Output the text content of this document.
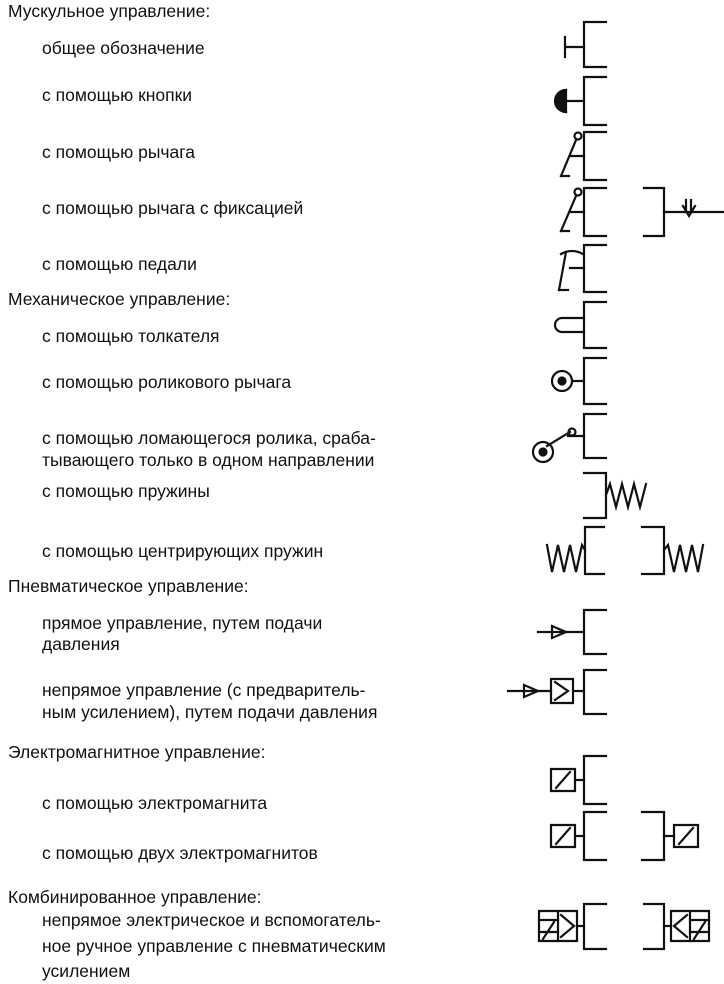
Мускульное управление:
общее обозначение
с помощью кнопки
с помощью рычага
с помощью рычага с фиксацией
с помощью педали
Механическое управление:
с помощью толкателя
с помощью роликового рычага
с помощью ломающегося ролика, сраба-
тывающего только в одном направлении
с помощью пружины
с помощью центрирующих пружин
Пневматическое управление:
прямое управление, путем подачи
давления
непрямое управление (с предваритель-
ным усилением), путем подачи давления
Электромагнитное управление:
с помощью электромагнита
с помощью двух электромагнитов
Комбинированное управление:
непрямое электрическое и вспомогатель-
ное ручное управление с пневматическим
усилением
